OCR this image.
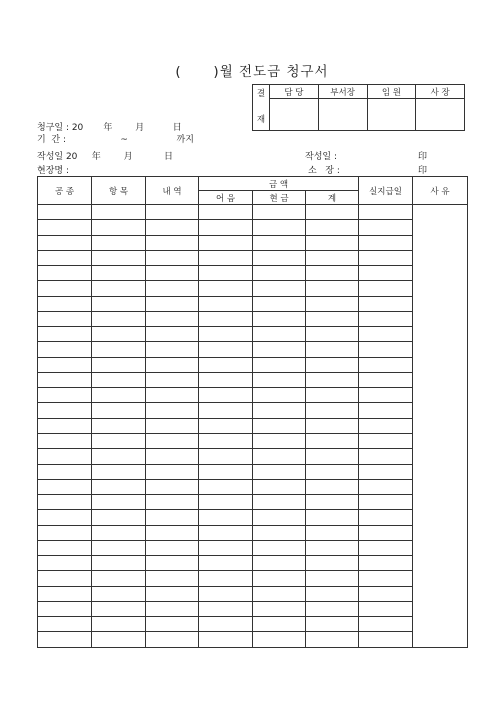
(      )월 전도금 청구서
결

재	담 당	부서장	임 원	사 장

청구일 : 20       年        月          日
기  간 :                   ~                 까지
작성일 20     年        月           日
현장명 :
작성일 :	印
소   장 :	印
공 종	항 목	내 역	금 액			실지급일	사 유
			어 음	현 금	계		
